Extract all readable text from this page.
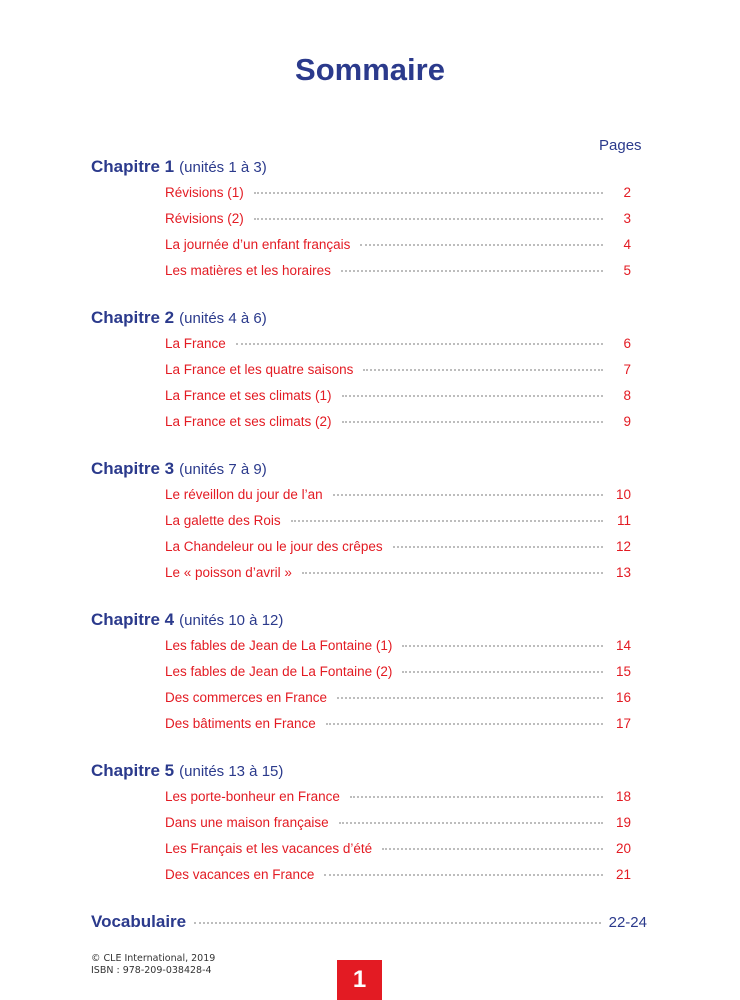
Sommaire
Pages
Chapitre 1 (unités 1 à 3)
Révisions (1)	2
Révisions (2)	3
La journée d’un enfant français	4
Les matières et les horaires	5
Chapitre 2 (unités 4 à 6)
La France	6
La France et les quatre saisons	7
La France et ses climats (1)	8
La France et ses climats (2)	9
Chapitre 3 (unités 7 à 9)
Le réveillon du jour de l’an	10
La galette des Rois	11
La Chandeleur ou le jour des crêpes	12
Le « poisson d’avril »	13
Chapitre 4 (unités 10 à 12)
Les fables de Jean de La Fontaine (1)	14
Les fables de Jean de La Fontaine (2)	15
Des commerces en France	16
Des bâtiments en France	17
Chapitre 5 (unités 13 à 15)
Les porte-bonheur en France	18
Dans une maison française	19
Les Français et les vacances d’été	20
Des vacances en France	21
Vocabulaire	22-24
© CLE International, 2019
ISBN : 978-209-038428-4	1
